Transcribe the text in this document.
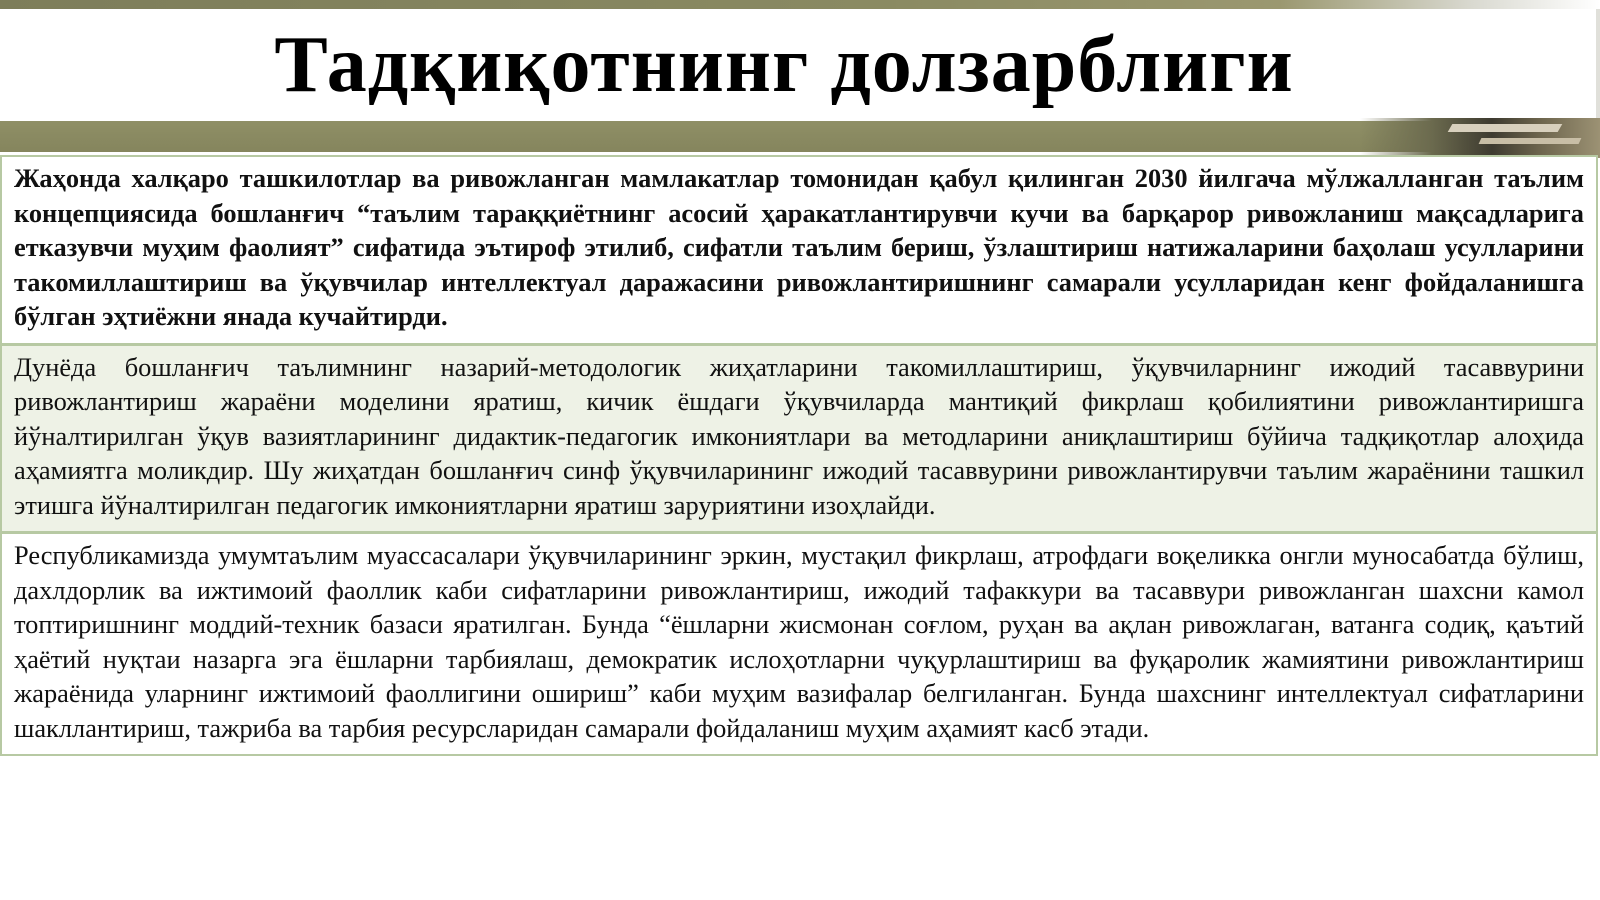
Тадқиқотнинг долзарблиги

Жаҳонда халқаро ташкилотлар ва ривожланган мамлакатлар томонидан қабул қилинган 2030 йилгача мўлжалланган таълим концепциясида бошланғич “таълим тараққиётнинг асосий ҳаракатлантирувчи кучи ва барқарор ривожланиш мақсадларига етказувчи муҳим фаолият” сифатида эътироф этилиб, сифатли таълим бериш, ўзлаштириш натижаларини баҳолаш усулларини такомиллаштириш ва ўқувчилар интеллектуал даражасини ривожлантиришнинг самарали усулларидан кенг фойдаланишга бўлган эҳтиёжни янада кучайтирди.

Дунёда бошланғич таълимнинг назарий-методологик жиҳатларини такомиллаштириш, ўқувчиларнинг ижодий тасаввурини ривожлантириш жараёни моделини яратиш, кичик ёшдаги ўқувчиларда мантиқий фикрлаш қобилиятини ривожлантиришга йўналтирилган ўқув вазиятларининг дидактик-педагогик имкониятлари ва методларини аниқлаштириш бўйича тадқиқотлар алоҳида аҳамиятга моликдир. Шу жиҳатдан бошланғич синф ўқувчиларининг ижодий тасаввурини ривожлантирувчи таълим жараёнини ташкил этишга йўналтирилган педагогик имкониятларни яратиш заруриятини изоҳлайди.

Республикамизда умумтаълим муассасалари ўқувчиларининг эркин, мустақил фикрлаш, атрофдаги воқеликка онгли муносабатда бўлиш, дахлдорлик ва ижтимоий фаоллик каби сифатларини ривожлантириш, ижодий тафаккури ва тасаввури ривожланган шахсни камол топтиришнинг моддий-техник базаси яратилган. Бунда “ёшларни жисмонан соғлом, руҳан ва ақлан ривожлаган, ватанга содиқ, қаътий ҳаётий нуқтаи назарга эга ёшларни тарбиялаш, демократик ислоҳотларни чуқурлаштириш ва фуқаролик жамиятини ривожлантириш жараёнида уларнинг ижтимоий фаоллигини ошириш” каби муҳим вазифалар белгиланган. Бунда шахснинг интеллектуал сифатларини шакллантириш, тажриба ва тарбия ресурсларидан самарали фойдаланиш муҳим аҳамият касб этади.
